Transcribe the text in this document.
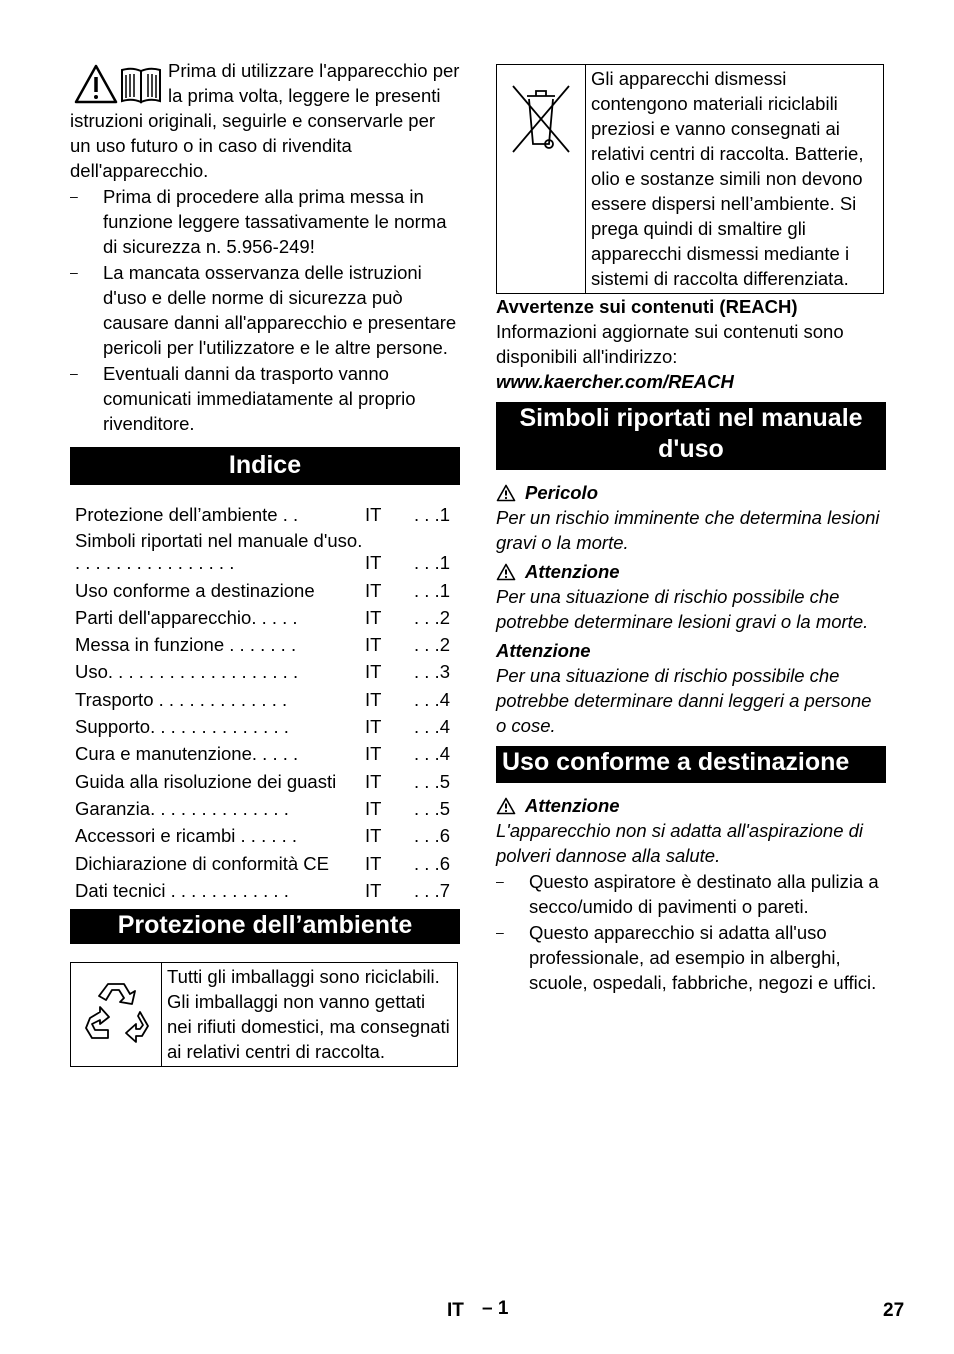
Prima di utilizzare l'apparecchio per la prima volta, leggere le presenti istruzioni originali, seguirle e conservarle per un uso futuro o in caso di rivendita dell'apparecchio.

– Prima di procedere alla prima messa in funzione leggere tassativamente le norma di sicurezza n. 5.956-249!
– La mancata osservanza delle istruzioni d'uso e delle norme di sicurezza può causare danni all'apparecchio e presentare pericoli per l'utilizzatore e le altre persone.
– Eventuali danni da trasporto vanno comunicati immediatamente al proprio rivenditore.
Indice
Protezione dell’ambiente . .	IT	. . .1
Simboli riportati nel manuale d'uso. . . . . . . . . . . . . . . . .	IT	. . .1
Uso conforme a destinazione	IT	. . .1
Parti dell'apparecchio. . . . .	IT	. . .2
Messa in funzione . . . . . . .	IT	. . .2
Uso. . . . . . . . . . . . . . . . . . .	IT	. . .3
Trasporto . . . . . . . . . . . . .	IT	. . .4
Supporto. . . . . . . . . . . . . .	IT	. . .4
Cura e manutenzione. . . . .	IT	. . .4
Guida alla risoluzione dei guasti	IT	. . .5
Garanzia. . . . . . . . . . . . . .	IT	. . .5
Accessori e ricambi . . . . . .	IT	. . .6
Dichiarazione di conformità CE	IT	. . .6
Dati tecnici . . . . . . . . . . . .	IT	. . .7
Protezione dell’ambiente
Tutti gli imballaggi sono riciclabili. Gli imballaggi non vanno gettati nei rifiuti domestici, ma consegnati ai relativi centri di raccolta.
Gli apparecchi dismessi contengono materiali riciclabili preziosi e vanno consegnati ai relativi centri di raccolta. Batterie, olio e sostanze simili non devono essere dispersi nell’ambiente. Si prega quindi di smaltire gli apparecchi dismessi mediante i sistemi di raccolta differenziata.

Avvertenze sui contenuti (REACH)

Informazioni aggiornate sui contenuti sono disponibili all'indirizzo:

www.kaercher.com/REACH

Simboli riportati nel manuale d'uso
Pericolo

Per un rischio imminente che determina lesioni gravi o la morte.

Attenzione

Per una situazione di rischio possibile che potrebbe determinare lesioni gravi o la morte.

Attenzione

Per una situazione di rischio possibile che potrebbe determinare danni leggeri a persone o cose.

Uso conforme a destinazione
Attenzione

L'apparecchio non si adatta all'aspirazione di polveri dannose alla salute.

– Questo aspiratore è destinato alla pulizia a secco/umido di pavimenti o pareti.
– Questo apparecchio si adatta all'uso professionale, ad esempio in alberghi, scuole, ospedali, fabbriche, negozi e uffici.
IT – 1	27
